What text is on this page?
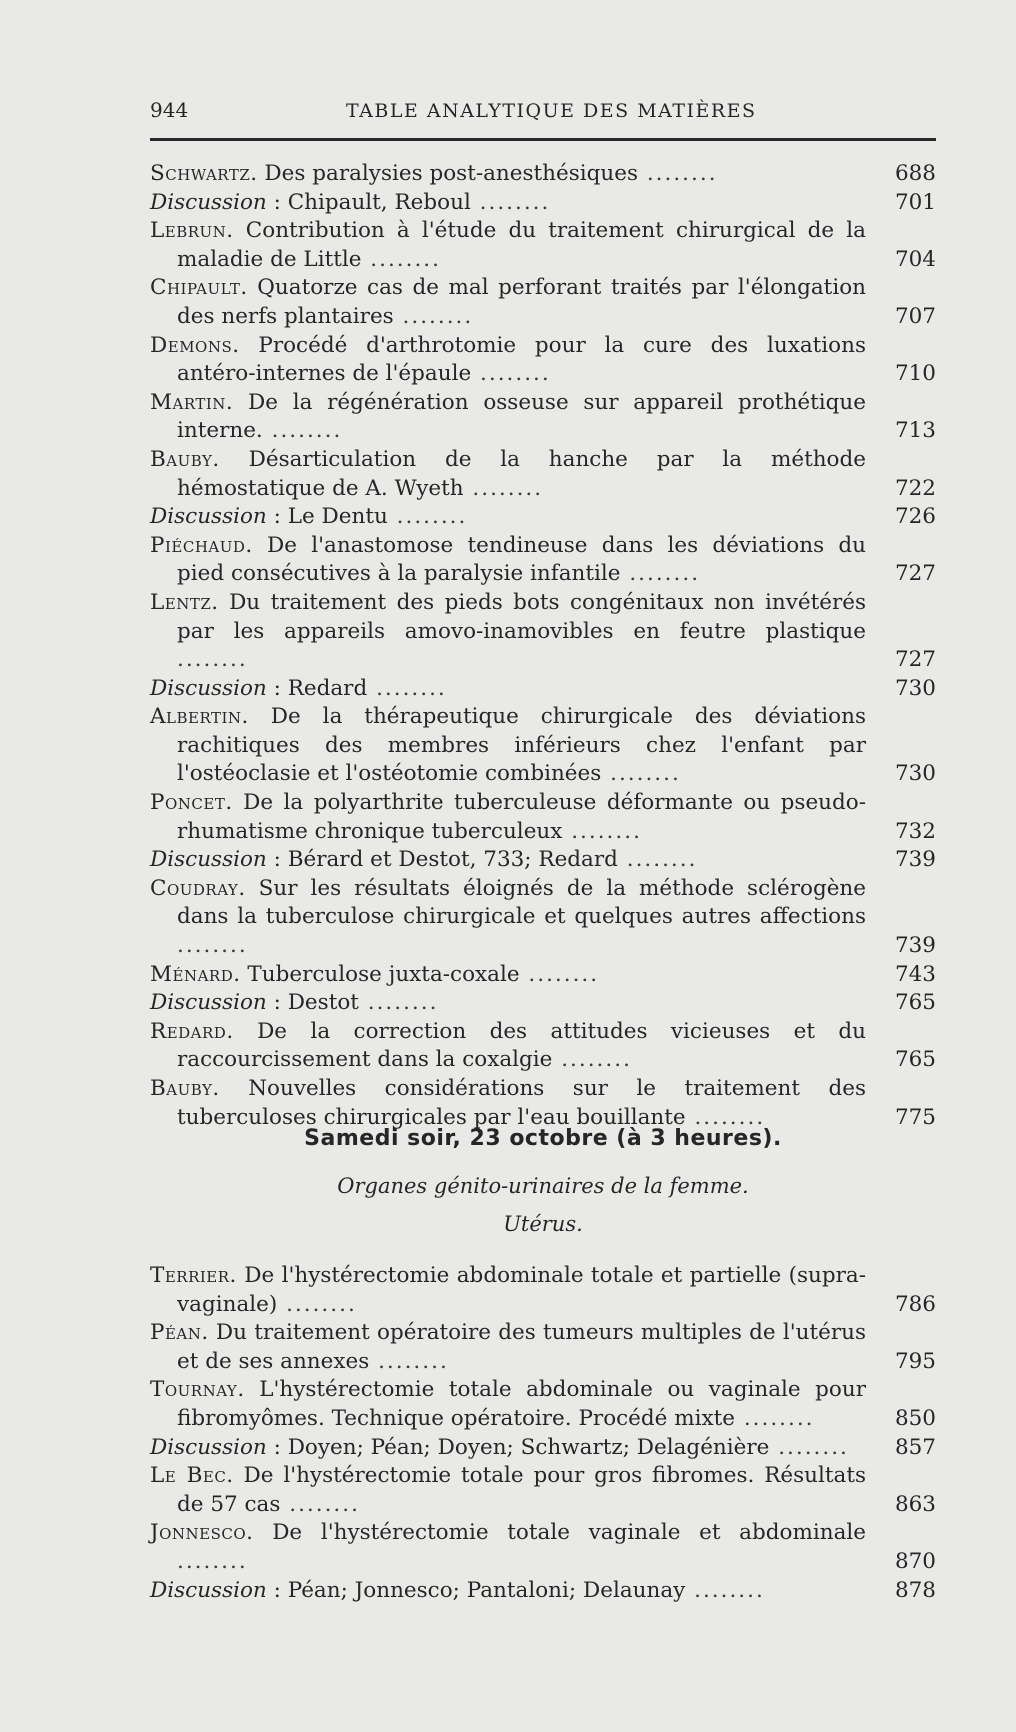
944	TABLE ANALYTIQUE DES MATIÈRES
Schwartz. Des paralysies post-anesthésiques ........	688
Discussion : Chipault, Reboul ........	701
Lebrun. Contribution à l'étude du traitement chirurgical de la maladie de Little ........	704
Chipault. Quatorze cas de mal perforant traités par l'élongation des nerfs plantaires ........	707
Demons. Procédé d'arthrotomie pour la cure des luxations antéro-internes de l'épaule ........	710
Martin. De la régénération osseuse sur appareil prothétique interne. ........	713
Bauby. Désarticulation de la hanche par la méthode hémostatique de A. Wyeth ........	722
Discussion : Le Dentu ........	726
Piéchaud. De l'anastomose tendineuse dans les déviations du pied consécutives à la paralysie infantile ........	727
Lentz. Du traitement des pieds bots congénitaux non invétérés par les appareils amovo-inamovibles en feutre plastique ........	727
Discussion : Redard ........	730
Albertin. De la thérapeutique chirurgicale des déviations rachitiques des membres inférieurs chez l'enfant par l'ostéoclasie et l'ostéotomie combinées ........	730
Poncet. De la polyarthrite tuberculeuse déformante ou pseudo-rhumatisme chronique tuberculeux ........	732
Discussion : Bérard et Destot, 733; Redard ........	739
Coudray. Sur les résultats éloignés de la méthode sclérogène dans la tuberculose chirurgicale et quelques autres affections ........	739
Ménard. Tuberculose juxta-coxale ........	743
Discussion : Destot ........	765
Redard. De la correction des attitudes vicieuses et du raccourcissement dans la coxalgie ........	765
Bauby. Nouvelles considérations sur le traitement des tuberculoses chirurgicales par l'eau bouillante ........	775
Samedi soir, 23 octobre (à 3 heures).
Organes génito-urinaires de la femme.
Utérus.
Terrier. De l'hystérectomie abdominale totale et partielle (supra-vaginale) ........	786
Péan. Du traitement opératoire des tumeurs multiples de l'utérus et de ses annexes ........	795
Tournay. L'hystérectomie totale abdominale ou vaginale pour fibromyômes. Technique opératoire. Procédé mixte ........	850
Discussion : Doyen; Péan; Doyen; Schwartz; Delagénière ........	857
Le Bec. De l'hystérectomie totale pour gros fibromes. Résultats de 57 cas ........	863
Jonnesco. De l'hystérectomie totale vaginale et abdominale ........	870
Discussion : Péan; Jonnesco; Pantaloni; Delaunay ........	878
